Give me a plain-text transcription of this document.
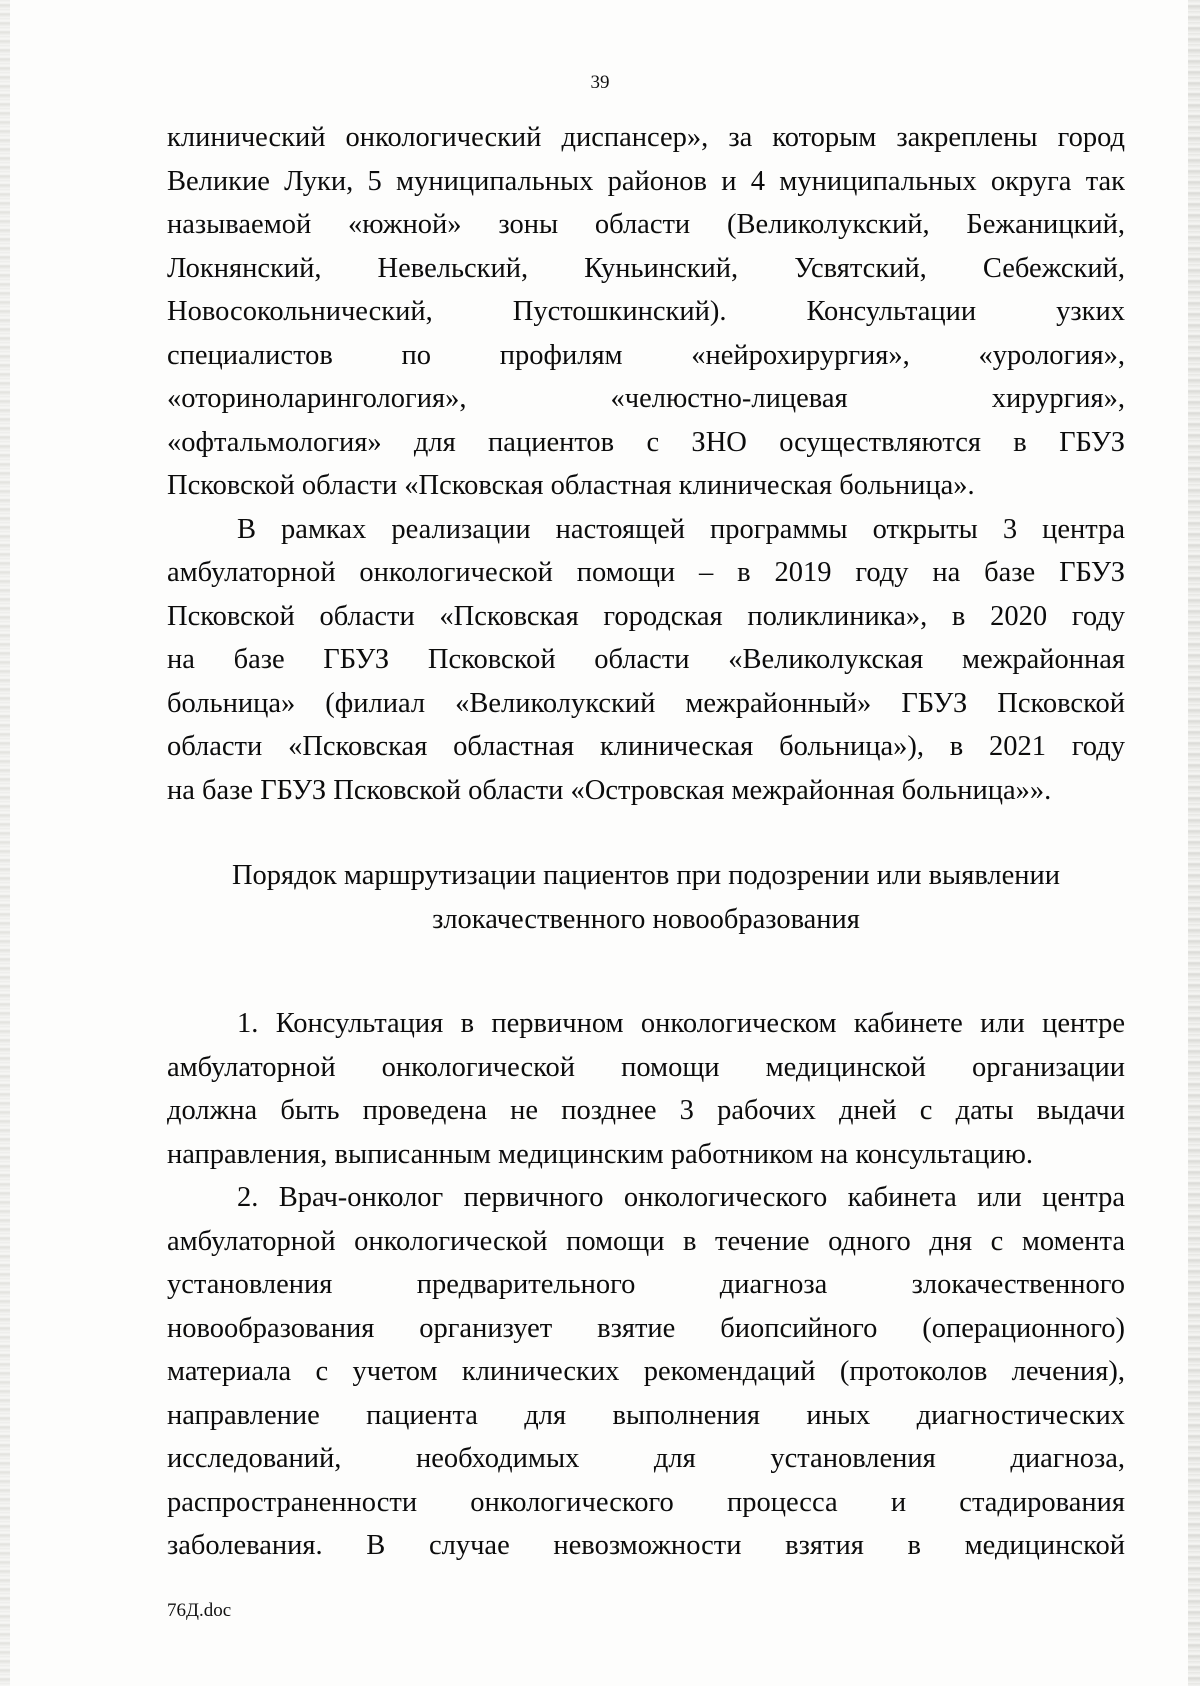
39

клинический онкологический диспансер», за которым закреплены город
Великие Луки, 5 муниципальных районов и 4 муниципальных округа так
называемой «южной» зоны области (Великолукский, Бежаницкий,
Локнянский, Невельский, Куньинский, Усвятский, Себежский,
Новосокольнический, Пустошкинский). Консультации узких
специалистов по профилям «нейрохирургия», «урология»,
«оториноларингология», «челюстно-лицевая хирургия»,
«офтальмология» для пациентов с ЗНО осуществляются в ГБУЗ
Псковской области «Псковская областная клиническая больница».

В рамках реализации настоящей программы открыты 3 центра
амбулаторной онкологической помощи – в 2019 году на базе ГБУЗ
Псковской области «Псковская городская поликлиника», в 2020 году
на базе ГБУЗ Псковской области «Великолукская межрайонная
больница» (филиал «Великолукский межрайонный» ГБУЗ Псковской
области «Псковская областная клиническая больница»), в 2021 году
на базе ГБУЗ Псковской области «Островская межрайонная больница»».

Порядок маршрутизации пациентов при подозрении или выявлении
злокачественного новообразования

1. Консультация в первичном онкологическом кабинете или центре
амбулаторной онкологической помощи медицинской организации
должна быть проведена не позднее 3 рабочих дней с даты выдачи
направления, выписанным медицинским работником на консультацию.

2. Врач-онколог первичного онкологического кабинета или центра
амбулаторной онкологической помощи в течение одного дня с момента
установления предварительного диагноза злокачественного
новообразования организует взятие биопсийного (операционного)
материала с учетом клинических рекомендаций (протоколов лечения),
направление пациента для выполнения иных диагностических
исследований, необходимых для установления диагноза,
распространенности онкологического процесса и стадирования
заболевания. В случае невозможности взятия в медицинской

76Д.doc
